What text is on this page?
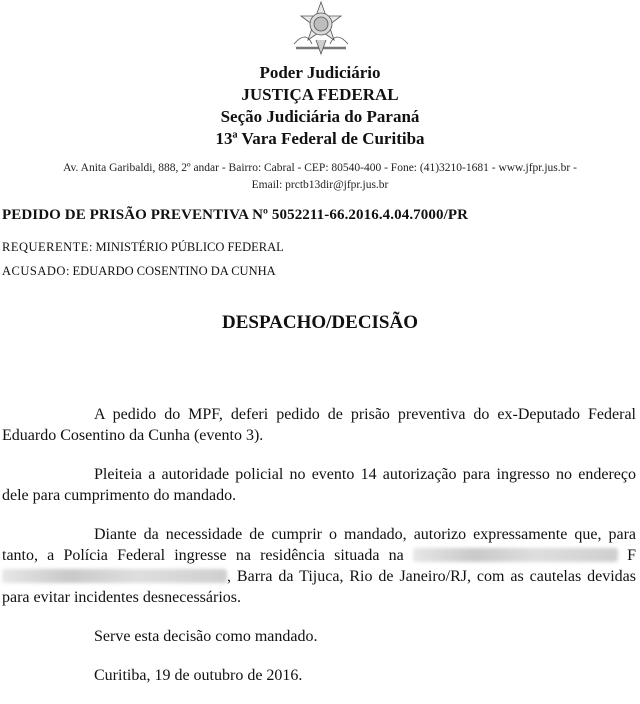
Poder Judiciário
JUSTIÇA FEDERAL
Seção Judiciária do Paraná
13ª Vara Federal de Curitiba
Av. Anita Garibaldi, 888, 2º andar - Bairro: Cabral - CEP: 80540-400 - Fone: (41)3210-1681 - www.jfpr.jus.br -
Email: prctb13dir@jfpr.jus.br
PEDIDO DE PRISÃO PREVENTIVA Nº 5052211-66.2016.4.04.7000/PR
REQUERENTE: MINISTÉRIO PÚBLICO FEDERAL
ACUSADO: EDUARDO COSENTINO DA CUNHA
DESPACHO/DECISÃO

A pedido do MPF, deferi pedido de prisão preventiva do ex-Deputado Federal Eduardo Cosentino da Cunha (evento 3).

Pleiteia a autoridade policial no evento 14 autorização para ingresso no endereço dele para cumprimento do mandado.

Diante da necessidade de cumprir o mandado, autorizo expressamente que, para tanto, a Polícia Federal ingresse na residência situada na	F, Barra da Tijuca, Rio de Janeiro/RJ, com as cautelas devidas para evitar incidentes desnecessários.

Serve esta decisão como mandado.

Curitiba, 19 de outubro de 2016.
